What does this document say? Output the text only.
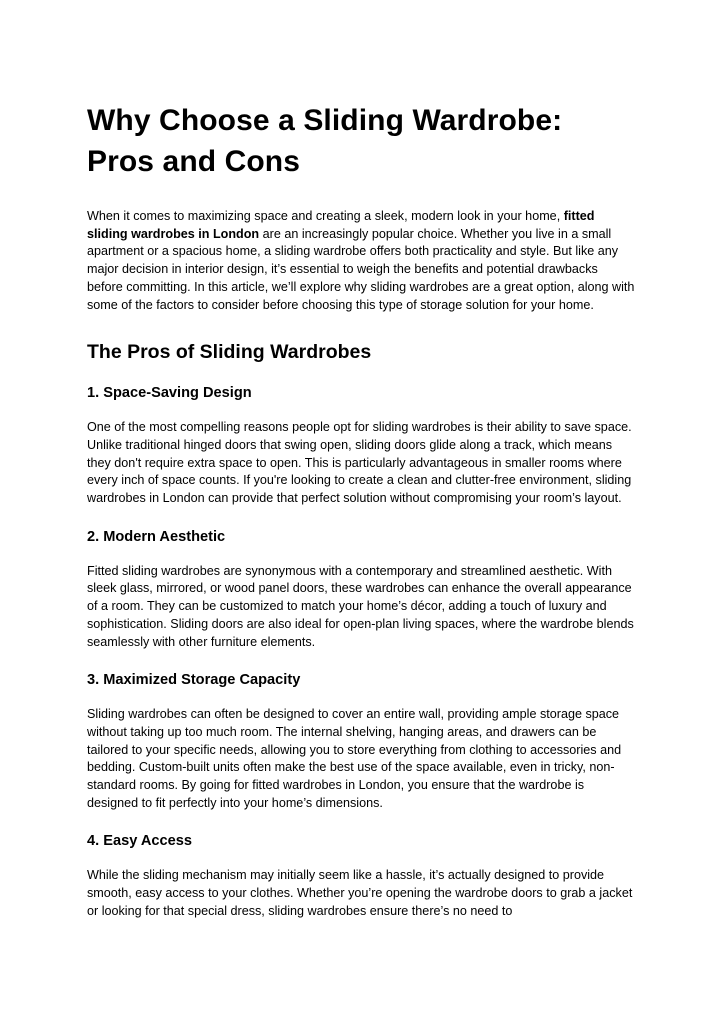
Why Choose a Sliding Wardrobe:
Pros and Cons

When it comes to maximizing space and creating a sleek, modern look in your home, fitted sliding wardrobes in London are an increasingly popular choice. Whether you live in a small apartment or a spacious home, a sliding wardrobe offers both practicality and style. But like any major decision in interior design, it’s essential to weigh the benefits and potential drawbacks before committing. In this article, we’ll explore why sliding wardrobes are a great option, along with some of the factors to consider before choosing this type of storage solution for your home.

The Pros of Sliding Wardrobes
1. Space-Saving Design

One of the most compelling reasons people opt for sliding wardrobes is their ability to save space. Unlike traditional hinged doors that swing open, sliding doors glide along a track, which means they don't require extra space to open. This is particularly advantageous in smaller rooms where every inch of space counts. If you're looking to create a clean and clutter-free environment, sliding wardrobes in London can provide that perfect solution without compromising your room’s layout.

2. Modern Aesthetic

Fitted sliding wardrobes are synonymous with a contemporary and streamlined aesthetic. With sleek glass, mirrored, or wood panel doors, these wardrobes can enhance the overall appearance of a room. They can be customized to match your home’s décor, adding a touch of luxury and sophistication. Sliding doors are also ideal for open-plan living spaces, where the wardrobe blends seamlessly with other furniture elements.

3. Maximized Storage Capacity

Sliding wardrobes can often be designed to cover an entire wall, providing ample storage space without taking up too much room. The internal shelving, hanging areas, and drawers can be tailored to your specific needs, allowing you to store everything from clothing to accessories and bedding. Custom-built units often make the best use of the space available, even in tricky, non-standard rooms. By going for fitted wardrobes in London, you ensure that the wardrobe is designed to fit perfectly into your home’s dimensions.

4. Easy Access

While the sliding mechanism may initially seem like a hassle, it’s actually designed to provide smooth, easy access to your clothes. Whether you’re opening the wardrobe doors to grab a jacket or looking for that special dress, sliding wardrobes ensure there’s no need to
